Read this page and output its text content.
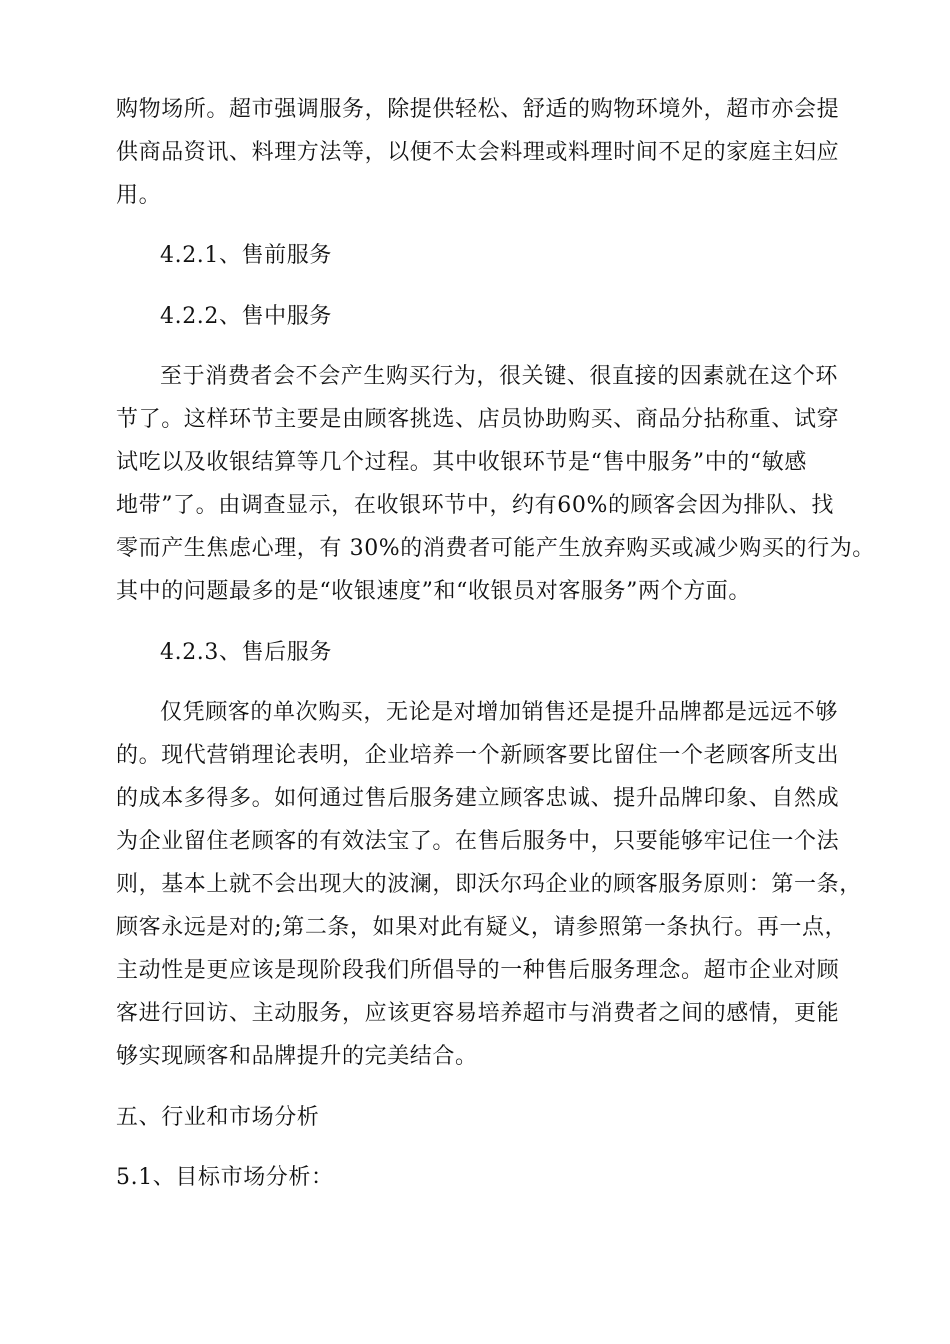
购物场所。超市强调服务，除提供轻松、舒适的购物环境外，超市亦会提
供商品资讯、料理方法等，以便不太会料理或料理时间不足的家庭主妇应
用。
4.2.1、售前服务
4.2.2、售中服务
至于消费者会不会产生购买行为，很关键、很直接的因素就在这个环
节了。这样环节主要是由顾客挑选、店员协助购买、商品分拈称重、试穿
试吃以及收银结算等几个过程。其中收银环节是“售中服务”中的“敏感
地带”了。由调查显示，在收银环节中，约有60%的顾客会因为排队、找
零而产生焦虑心理，有 30%的消费者可能产生放弃购买或减少购买的行为。
其中的问题最多的是“收银速度”和“收银员对客服务”两个方面。
4.2.3、售后服务
仅凭顾客的单次购买，无论是对增加销售还是提升品牌都是远远不够
的。现代营销理论表明，企业培养一个新顾客要比留住一个老顾客所支出
的成本多得多。如何通过售后服务建立顾客忠诚、提升品牌印象、自然成
为企业留住老顾客的有效法宝了。在售后服务中，只要能够牢记住一个法
则，基本上就不会出现大的波澜，即沃尔玛企业的顾客服务原则：第一条，
顾客永远是对的;第二条，如果对此有疑义，请参照第一条执行。再一点，
主动性是更应该是现阶段我们所倡导的一种售后服务理念。超市企业对顾
客进行回访、主动服务，应该更容易培养超市与消费者之间的感情，更能
够实现顾客和品牌提升的完美结合。
五、行业和市场分析
5.1、目标市场分析：
